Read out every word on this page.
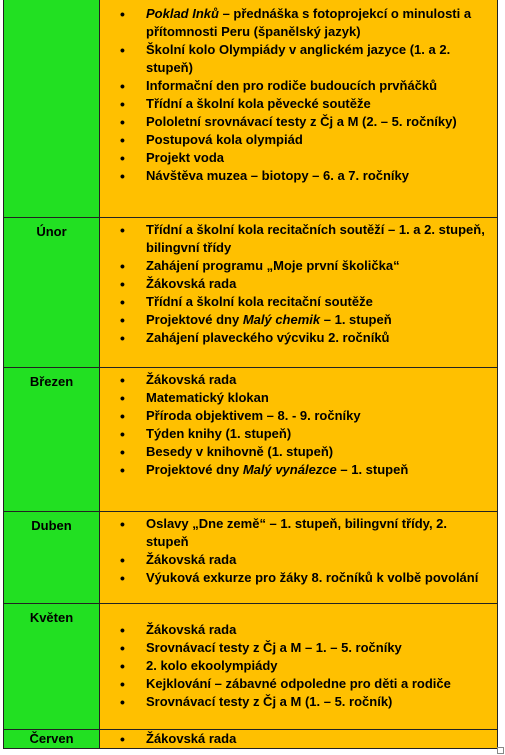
• Poklad Inků – přednáška s fotoprojekcí o minulosti a přítomnosti Peru (španělský jazyk)
• Školní kolo Olympiády v anglickém jazyce (1. a 2. stupeň)
• Informační den pro rodiče budoucích prvňáčků
• Třídní a školní kola pěvecké soutěže
• Pololetní srovnávací testy z Čj a M (2. – 5. ročníky)
• Postupová kola olympiád
• Projekt voda
• Návštěva muzea – biotopy – 6. a 7. ročníky
Únor	• Třídní a školní kola recitačních soutěží – 1. a 2. stupeň, bilingvní třídy
• Zahájení programu „Moje první školička“
• Žákovská rada
• Třídní a školní kola recitační soutěže
• Projektové dny Malý chemik – 1. stupeň
• Zahájení plaveckého výcviku 2. ročníků
Březen	• Žákovská rada
• Matematický klokan
• Příroda objektivem – 8. - 9. ročníky
• Týden knihy (1. stupeň)
• Besedy v knihovně (1. stupeň)
• Projektové dny Malý vynálezce – 1. stupeň
Duben	• Oslavy „Dne země“ – 1. stupeň, bilingvní třídy, 2. stupeň
• Žákovská rada
• Výuková exkurze pro žáky 8. ročníků k volbě povolání
Květen
• Žákovská rada
• Srovnávací testy z Čj a M – 1. – 5. ročníky
• 2. kolo ekoolympiády
• Kejklování – zábavné odpoledne pro děti a rodiče
• Srovnávací testy z Čj a M (1. – 5. ročník)
Červen	• Žákovská rada
